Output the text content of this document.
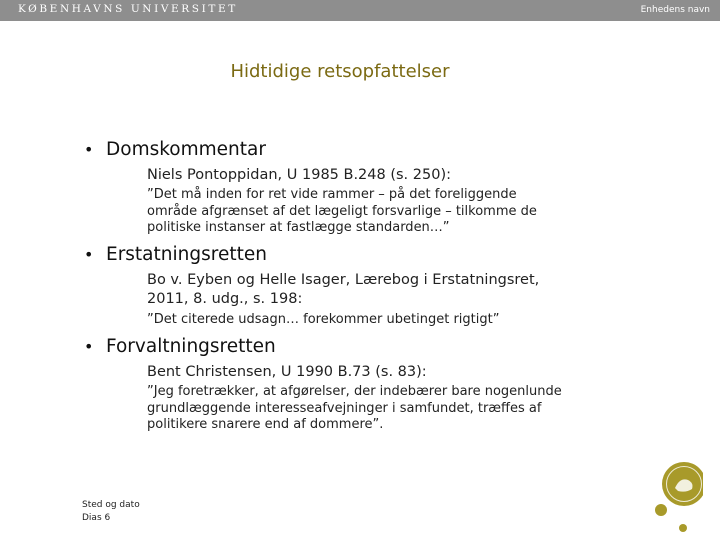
KØBENHAVNS UNIVERSITET	Enhedens navn
Hidtidige retsopfattelser
• Domskommentar
Niels Pontoppidan, U 1985 B.248 (s. 250):
”Det må inden for ret vide rammer – på det foreliggende
område afgrænset af det lægeligt forsvarlige – tilkomme de
politiske instanser at fastlægge standarden…”
• Erstatningsretten
Bo v. Eyben og Helle Isager, Lærebog i Erstatningsret,
2011, 8. udg., s. 198:
”Det citerede udsagn… forekommer ubetinget rigtigt”
• Forvaltningsretten
Bent Christensen, U 1990 B.73 (s. 83):
”Jeg foretrækker, at afgørelser, der indebærer bare nogenlunde
grundlæggende interesseafvejninger i samfundet, træffes af
politikere snarere end af dommere”.
Sted og dato
Dias 6
